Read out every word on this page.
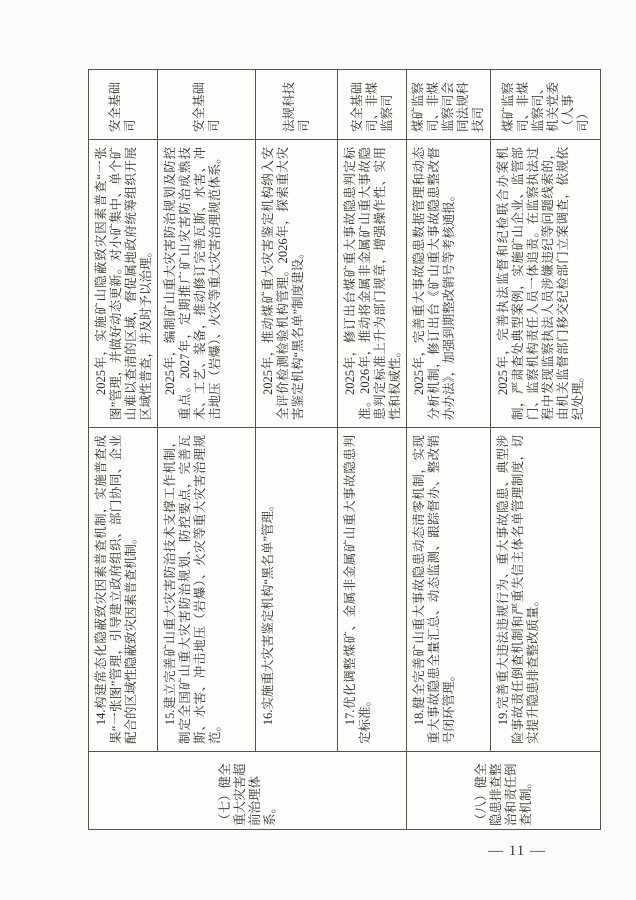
（七）健全重大灾害超前治理体系。	14.构建常态化隐蔽致灾因素普查机制，实施普查成果“一张图”管理，引导建立政府组织、部门协同、企业配合的区域性隐蔽致灾因素普查机制。	2025年，实施矿山隐蔽致灾因素普查“一张图”管理，并做好动态更新。对小矿集中、单个矿山难以查清的区域，督促属地政府统筹组织开展区域性普查，并及时予以治理。	安全基础司
	15.建立完善矿山重大灾害防治技术支撑工作机制，制定全国矿山重大灾害防治规划、防控要点，完善瓦斯、水害、冲击地压（岩爆）、火灾等重大灾害治理规范。	2025年，编制矿山重大灾害防治规划及防控重点。2027年，定期推广矿山灾害防治成熟技术、工艺、装备，推动修订完善瓦斯、水害、冲击地压（岩爆）、火灾等重大灾害治理规范体系。	安全基础司
	16.实施重大灾害鉴定机构“黑名单”管理。	2025年，推动煤矿重大灾害鉴定机构纳入安全评价检测检验机构管理。2026年，探索重大灾害鉴定机构“黑名单”制度建设。	法规科技司
	17.优化调整煤矿、金属非金属矿山重大事故隐患判定标准。	2025年，修订出台煤矿重大事故隐患判定标准。2026年，推动将金属非金属矿山重大事故隐患判定标准上升为部门规章，增强操作性、实用性和权威性。	安全基础司、非煤监察司
（八）健全隐患排查整治和责任倒查机制。	18.健全完善矿山重大事故隐患动态清零机制，实现重大事故隐患全量汇总、动态监测、跟踪督办、整改销号闭环管理。	2025年，完善重大事故隐患数据管理和动态分析机制，修订出台《矿山重大事故隐患整改督办办法》，加强到期整改销号等考核通报。	煤矿监察司、非煤监察司会同法规科技司
	19.完善重大违法违规行为、重大事故隐患、典型涉险事故责任倒查机制和严重失信主体名单管理制度，切实提升隐患排查整改质量。	2025年，完善执法监督和纪检联合办案机制，严肃查处典型案例，实施矿山企业、监管部门、监察机构责任人员一体追责。在监察执法过程中发现监察执法人员涉嫌违纪等问题线索的，由机关监督部门移交纪检部门立案调查，依规依纪处理。	煤矿监察司、非煤监察司、机关党委（人事司）
— 11 —
